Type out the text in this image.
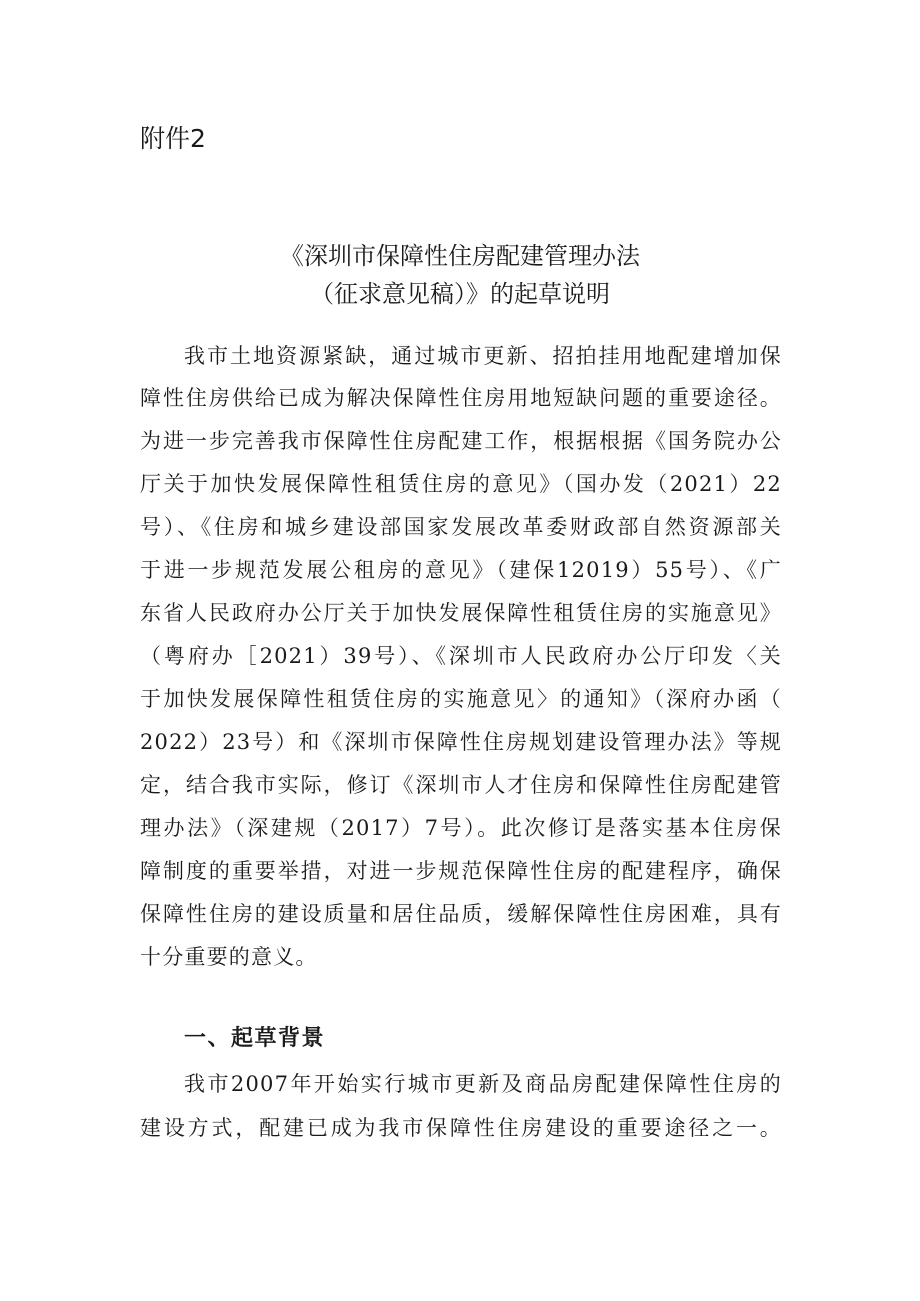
附件2
《深圳市保障性住房配建管理办法
（征求意见稿）》的起草说明
我市土地资源紧缺，通过城市更新、招拍挂用地配建增加保
障性住房供给已成为解决保障性住房用地短缺问题的重要途径。
为进一步完善我市保障性住房配建工作，根据根据《国务院办公
厅关于加快发展保障性租赁住房的意见》（国办发（2021）22
号）、《住房和城乡建设部国家发展改革委财政部自然资源部关
于进一步规范发展公租房的意见》（建保12019）55号）、《广
东省人民政府办公厅关于加快发展保障性租赁住房的实施意见》
（粤府办［2021）39号）、《深圳市人民政府办公厅印发〈关
于加快发展保障性租赁住房的实施意见〉的通知》（深府办函（
2022）23号）和《深圳市保障性住房规划建设管理办法》等规
定，结合我市实际，修订《深圳市人才住房和保障性住房配建管
理办法》（深建规（2017）7号）。此次修订是落实基本住房保
障制度的重要举措，对进一步规范保障性住房的配建程序，确保
保障性住房的建设质量和居住品质，缓解保障性住房困难，具有
十分重要的意义。
一、起草背景
我市2007年开始实行城市更新及商品房配建保障性住房的
建设方式，配建已成为我市保障性住房建设的重要途径之一。
